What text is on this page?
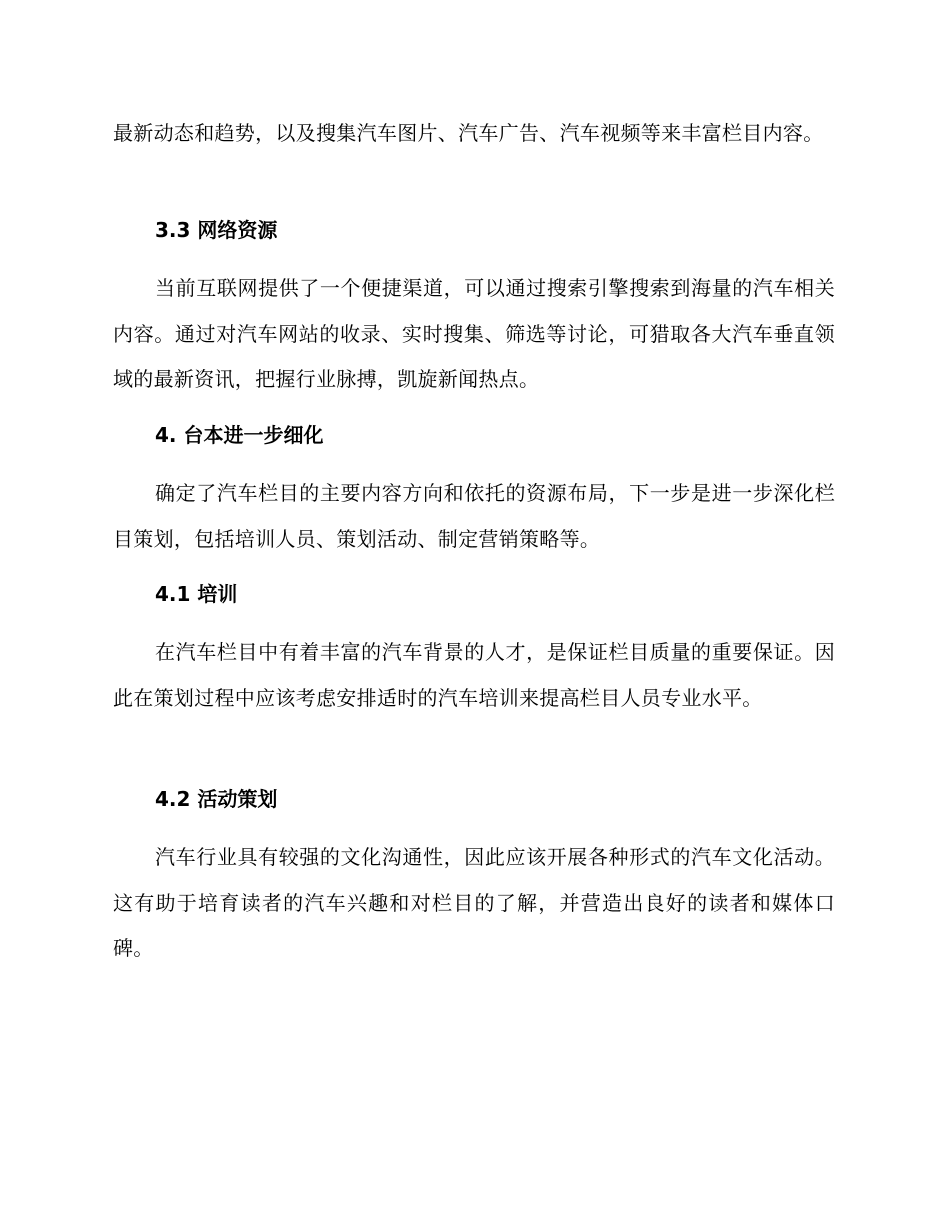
最新动态和趋势，以及搜集汽车图片、汽车广告、汽车视频等来丰富栏目内容。

3.3 网络资源

当前互联网提供了一个便捷渠道，可以通过搜索引擎搜索到海量的汽车相关内容。通过对汽车网站的收录、实时搜集、筛选等讨论，可猎取各大汽车垂直领域的最新资讯，把握行业脉搏，凯旋新闻热点。

4. 台本进一步细化

确定了汽车栏目的主要内容方向和依托的资源布局，下一步是进一步深化栏目策划，包括培训人员、策划活动、制定营销策略等。

4.1 培训

在汽车栏目中有着丰富的汽车背景的人才，是保证栏目质量的重要保证。因此在策划过程中应该考虑安排适时的汽车培训来提高栏目人员专业水平。

4.2 活动策划

汽车行业具有较强的文化沟通性，因此应该开展各种形式的汽车文化活动。这有助于培育读者的汽车兴趣和对栏目的了解，并营造出良好的读者和媒体口碑。
